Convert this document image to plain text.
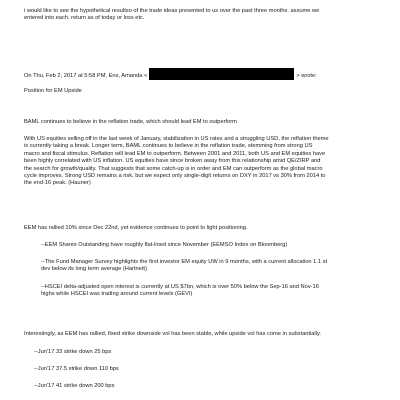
i would like to see the hypothetical resultso of the trade ideas presented to us over the past three months. assume we

entered into each. return as of today or loss etc.

On Thu, Feb 2, 2017 at 5:58 PM, Ens, Amanda <	> wrote:

Position for EM Upside

BAML continues to believe in the reflation trade, which should lead EM to outperform

With US equities selling off in the last week of January, stabilization in US rates and a struggling USD, the reflation theme

is currently taking a break. Longer term, BAML continues to believe in the reflation trade, stemming from strong US

macro and fiscal stimulus. Reflation will lead EM to outperform. Between 2001 and 2011, both US and EM equities have

been highly correlated with US inflation. US equities have since broken away from this relationship amid QE/ZIRP and

the search for growth/quality. That suggests that some catch-up is in order and EM can outperform as the global macro

cycle improves. Strong USD remains a risk, but we expect only single-digit returns on DXY in 2017 vs 30% from 2014 to

the end-16 peak. (Hauner)

EEM has rallied 10% since Dec 22nd, yet evidence continues to point to light positioning.

--EEM Shares Outstanding have roughly flat-lined since November (EEMSO Index on Bloomberg)

--The Fund Manager Survey highlights the first investor EM equity UW in 9 months, with a current allocation 1.1 st

dev below its long term average (Hartnett)

--HSCEI delta-adjusted open interest is currently at US $7bn, which is over 50% below the Sep-16 and Nov-16

highs while HSCEI was trading around current levels (GEVI)

Interestingly, as EEM has rallied, fixed strike downside vol has been stable, while upside vol has come in substantially.

--Jun'17 33 strike down 25 bps

--Jun'17 37.5 strike down 110 bps

--Jun'17 41 strike down 200 bps
